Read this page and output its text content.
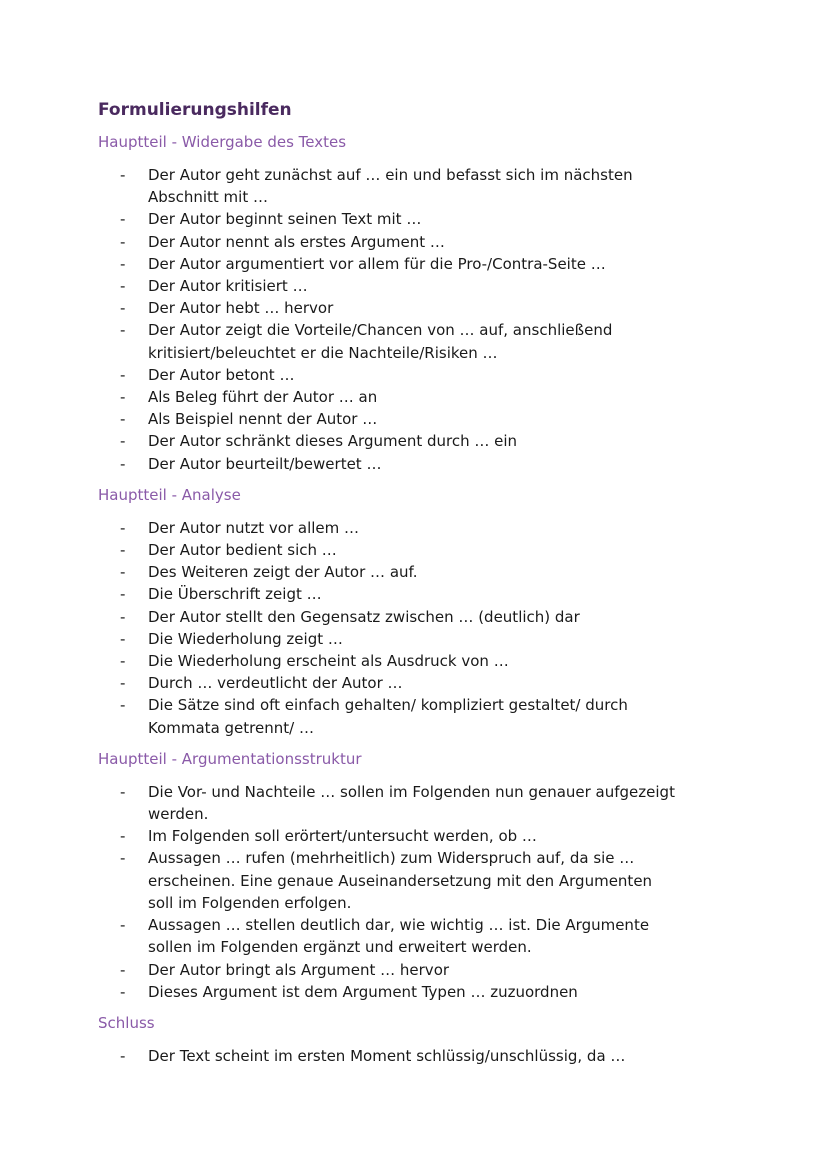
Formulierungshilfen
Hauptteil - Widergabe des Textes
-	Der Autor geht zunächst auf … ein und befasst sich im nächsten Abschnitt mit …
-	Der Autor beginnt seinen Text mit …
-	Der Autor nennt als erstes Argument …
-	Der Autor argumentiert vor allem für die Pro-/Contra-Seite …
-	Der Autor kritisiert …
-	Der Autor hebt … hervor
-	Der Autor zeigt die Vorteile/Chancen von … auf, anschließend kritisiert/beleuchtet er die Nachteile/Risiken …
-	Der Autor betont …
-	Als Beleg führt der Autor … an
-	Als Beispiel nennt der Autor …
-	Der Autor schränkt dieses Argument durch … ein
-	Der Autor beurteilt/bewertet …
Hauptteil - Analyse
-	Der Autor nutzt vor allem …
-	Der Autor bedient sich …
-	Des Weiteren zeigt der Autor … auf.
-	Die Überschrift zeigt …
-	Der Autor stellt den Gegensatz zwischen … (deutlich) dar
-	Die Wiederholung zeigt …
-	Die Wiederholung erscheint als Ausdruck von …
-	Durch … verdeutlicht der Autor …
-	Die Sätze sind oft einfach gehalten/ kompliziert gestaltet/ durch Kommata getrennt/ …
Hauptteil - Argumentationsstruktur
-	Die Vor- und Nachteile … sollen im Folgenden nun genauer aufgezeigt werden.
-	Im Folgenden soll erörtert/untersucht werden, ob …
-	Aussagen … rufen (mehrheitlich) zum Widerspruch auf, da sie … erscheinen. Eine genaue Auseinandersetzung mit den Argumenten soll im Folgenden erfolgen.
-	Aussagen … stellen deutlich dar, wie wichtig … ist. Die Argumente sollen im Folgenden ergänzt und erweitert werden.
-	Der Autor bringt als Argument … hervor
-	Dieses Argument ist dem Argument Typen … zuzuordnen
Schluss
-	Der Text scheint im ersten Moment schlüssig/unschlüssig, da …
